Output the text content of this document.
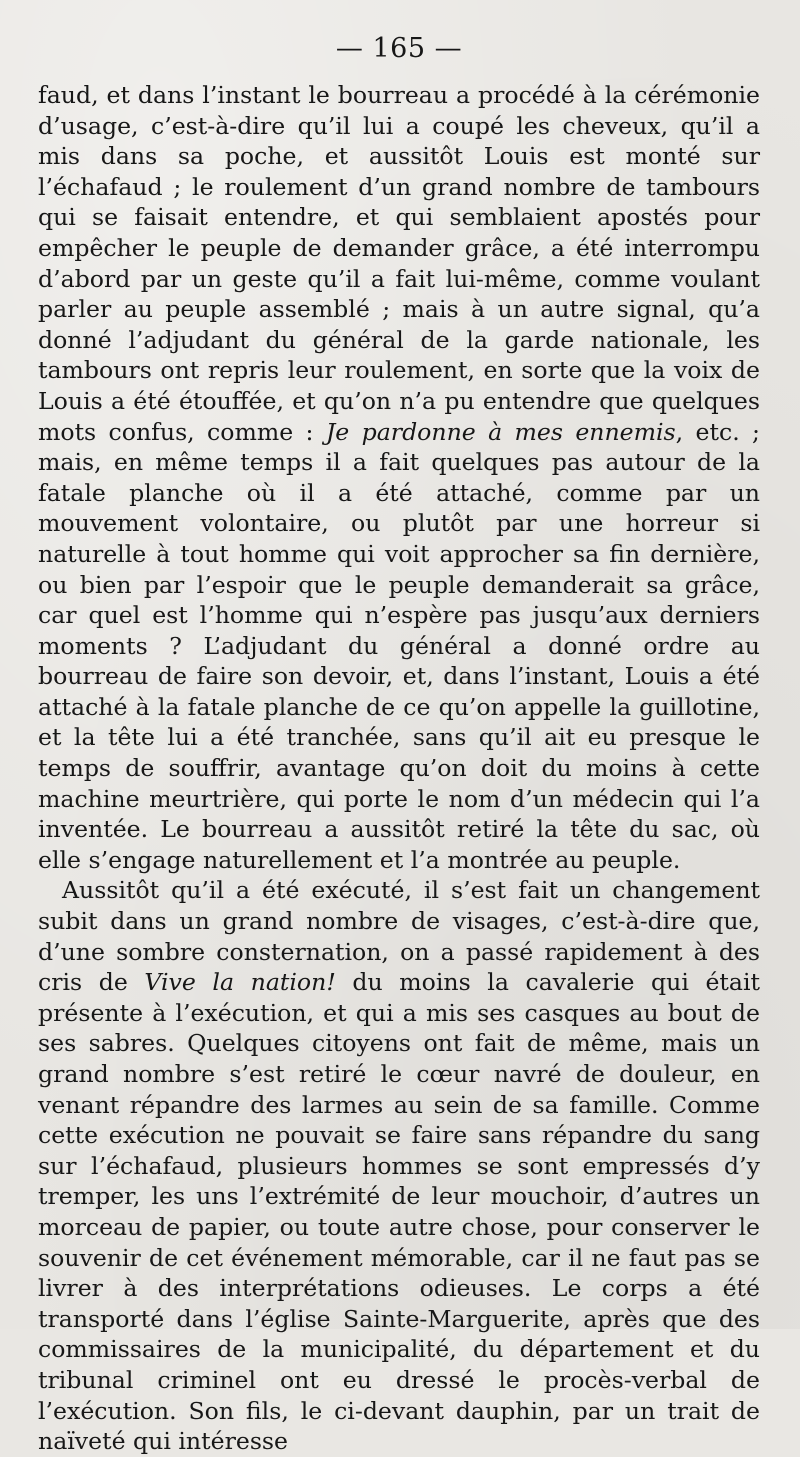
— 165 —

faud, et dans l’instant le bourreau a procédé à la cérémonie d’usage, c’est-à-dire qu’il lui a coupé les cheveux, qu’il a mis dans sa poche, et aussitôt Louis est monté sur l’échafaud ; le roulement d’un grand nombre de tambours qui se faisait entendre, et qui semblaient apostés pour empêcher le peuple de demander grâce, a été interrompu d’abord par un geste qu’il a fait lui-même, comme voulant parler au peuple assemblé ; mais à un autre signal, qu’a donné l’adjudant du général de la garde nationale, les tambours ont repris leur roulement, en sorte que la voix de Louis a été étouffée, et qu’on n’a pu entendre que quelques mots confus, comme : Je pardonne à mes ennemis, etc. ; mais, en même temps il a fait quelques pas autour de la fatale planche où il a été attaché, comme par un mouvement volontaire, ou plutôt par une horreur si naturelle à tout homme qui voit approcher sa fin dernière, ou bien par l’espoir que le peuple demanderait sa grâce, car quel est l’homme qui n’espère pas jusqu’aux derniers moments ? L’adjudant du général a donné ordre au bourreau de faire son devoir, et, dans l’instant, Louis a été attaché à la fatale planche de ce qu’on appelle la guillotine, et la tête lui a été tranchée, sans qu’il ait eu presque le temps de souffrir, avantage qu’on doit du moins à cette machine meurtrière, qui porte le nom d’un médecin qui l’a inventée. Le bourreau a aussitôt retiré la tête du sac, où elle s’engage naturellement et l’a montrée au peuple.

Aussitôt qu’il a été exécuté, il s’est fait un changement subit dans un grand nombre de visages, c’est-à-dire que, d’une sombre consternation, on a passé rapidement à des cris de Vive la nation! du moins la cavalerie qui était présente à l’exécution, et qui a mis ses casques au bout de ses sabres. Quelques citoyens ont fait de même, mais un grand nombre s’est retiré le cœur navré de douleur, en venant répandre des larmes au sein de sa famille. Comme cette exécution ne pouvait se faire sans répandre du sang sur l’échafaud, plusieurs hommes se sont empressés d’y tremper, les uns l’extrémité de leur mouchoir, d’autres un morceau de papier, ou toute autre chose, pour conserver le souvenir de cet événement mémorable, car il ne faut pas se livrer à des interprétations odieuses. Le corps a été transporté dans l’église Sainte-Marguerite, après que des commissaires de la municipalité, du département et du tribunal criminel ont eu dressé le procès-verbal de l’exécution. Son fils, le ci-devant dauphin, par un trait de naïveté qui intéresse
